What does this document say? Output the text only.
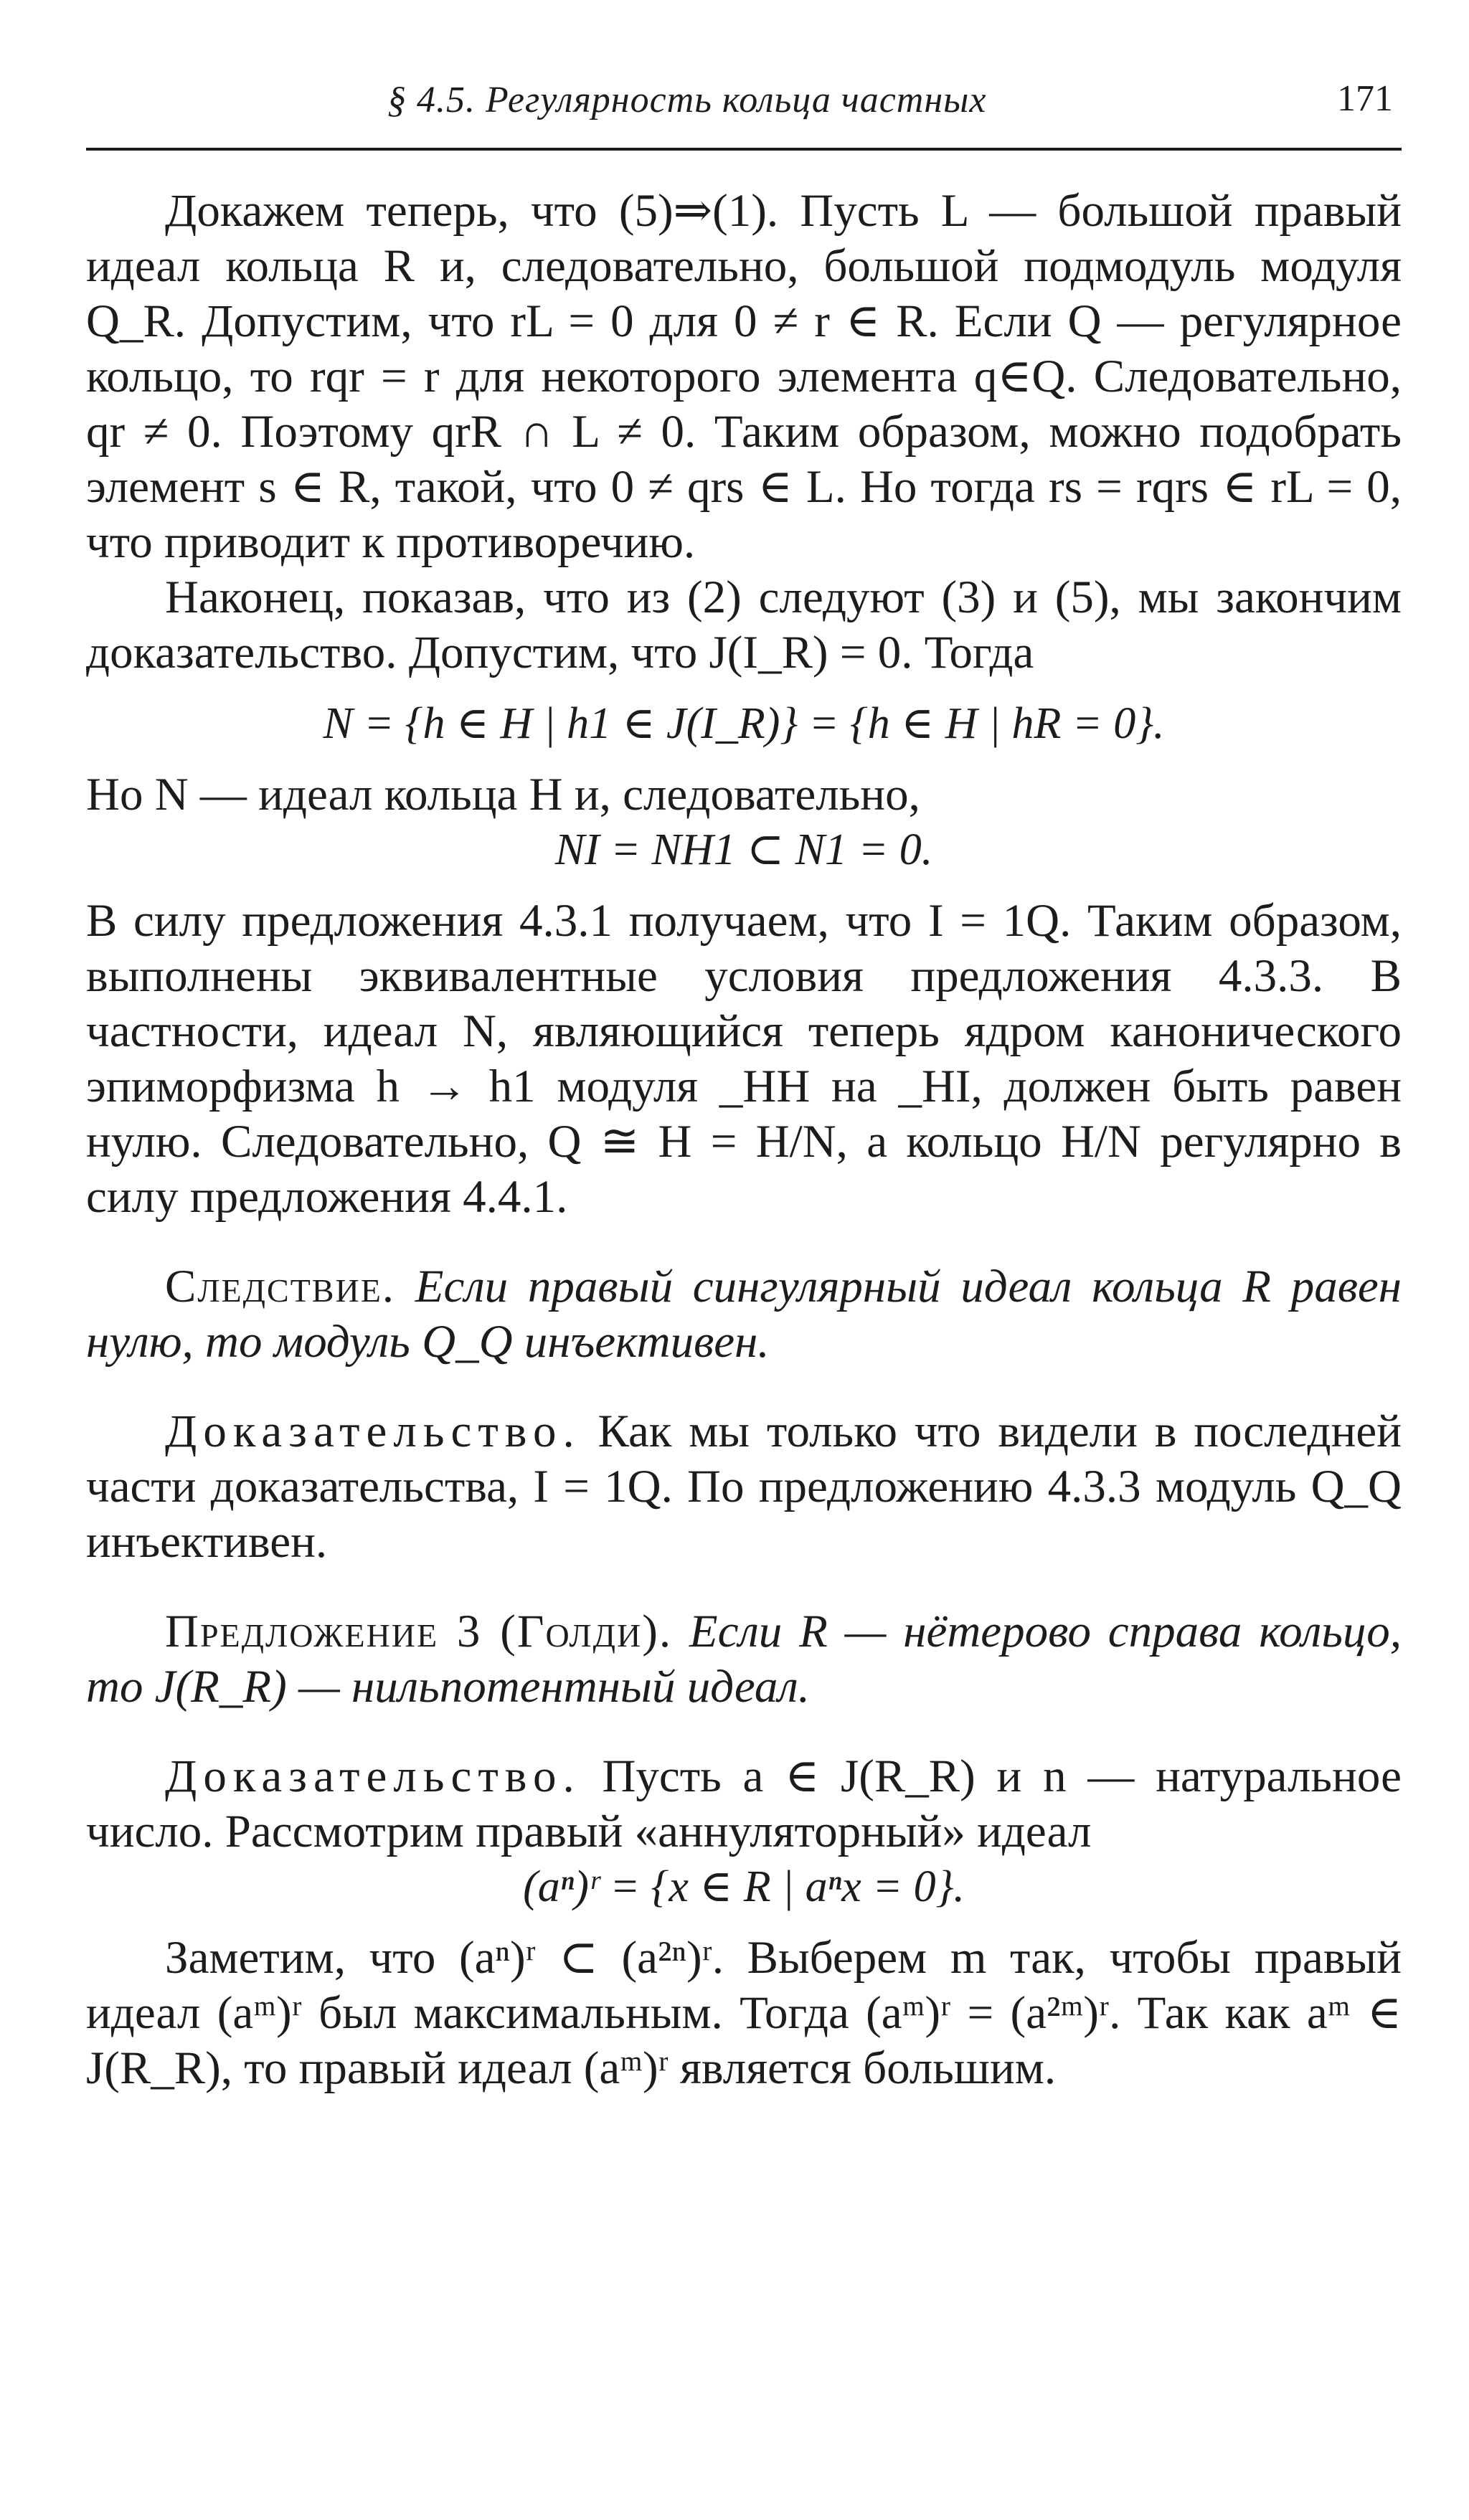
§ 4.5. Регулярность кольца частных	171

Докажем теперь, что (5)⇒(1). Пусть L — большой правый идеал кольца R и, следовательно, большой подмодуль модуля Q_R. Допустим, что rL = 0 для 0 ≠ r ∈ R. Если Q — регулярное кольцо, то rqr = r для некоторого элемента q∈Q. Следовательно, qr ≠ 0. Поэтому qrR ∩ L ≠ 0. Таким образом, можно подобрать элемент s ∈ R, такой, что 0 ≠ qrs ∈ L. Но тогда rs = rqrs ∈ rL = 0, что приводит к противоречию.

Наконец, показав, что из (2) следуют (3) и (5), мы закончим доказательство. Допустим, что J(I_R) = 0. Тогда

N = {h ∈ H | h1 ∈ J(I_R)} = {h ∈ H | hR = 0}.

Но N — идеал кольца H и, следовательно,

NI = NH1 ⊂ N1 = 0.

В силу предложения 4.3.1 получаем, что I = 1Q. Таким образом, выполнены эквивалентные условия предложения 4.3.3. В частности, идеал N, являющийся теперь ядром канонического эпиморфизма h → h1 модуля _HH на _HI, должен быть равен нулю. Следовательно, Q ≅ H = H/N, а кольцо H/N регулярно в силу предложения 4.4.1.

Следствие. Если правый сингулярный идеал кольца R равен нулю, то модуль Q_Q инъективен.

Доказательство. Как мы только что видели в последней части доказательства, I = 1Q. По предложению 4.3.3 модуль Q_Q инъективен.

Предложение 3 (Голди). Если R — нётерово справа кольцо, то J(R_R) — нильпотентный идеал.

Доказательство. Пусть a ∈ J(R_R) и n — натуральное число. Рассмотрим правый «аннуляторный» идеал

(aⁿ)ʳ = {x ∈ R | aⁿx = 0}.

Заметим, что (aⁿ)ʳ ⊂ (a²ⁿ)ʳ. Выберем m так, чтобы правый идеал (aᵐ)ʳ был максимальным. Тогда (aᵐ)ʳ = (a²ᵐ)ʳ. Так как aᵐ ∈ J(R_R), то правый идеал (aᵐ)ʳ является большим.
